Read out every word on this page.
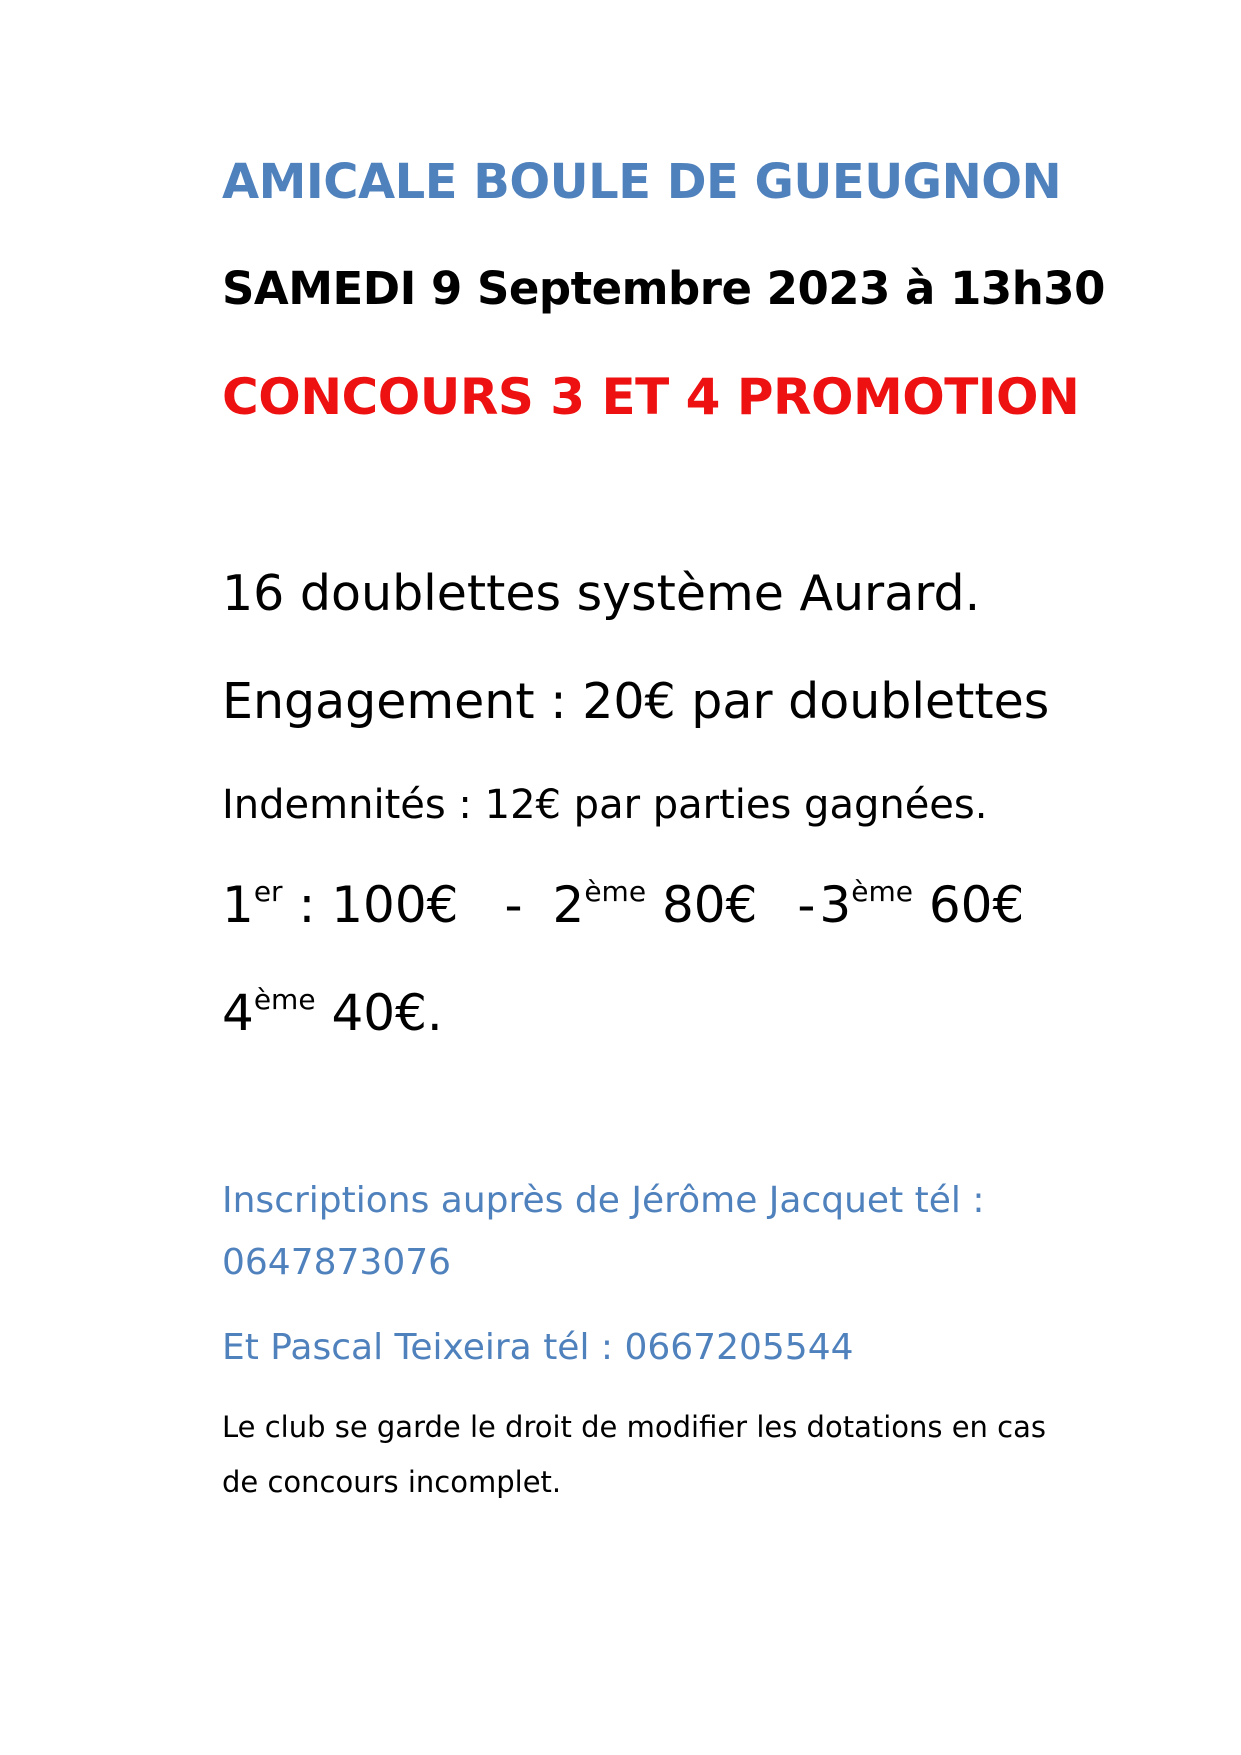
AMICALE BOULE DE GUEUGNON

SAMEDI 9 Septembre 2023 à 13h30

CONCOURS 3 ET 4 PROMOTION

16 doublettes système Aurard.

Engagement : 20€ par doublettes

Indemnités : 12€ par parties gagnées.

1er : 100€ - 2ème 80€ -3ème 60€

4ème 40€.

Inscriptions auprès de Jérôme Jacquet tél :

0647873076

Et Pascal Teixeira tél : 0667205544

Le club se garde le droit de modifier les dotations en cas

de concours incomplet.
